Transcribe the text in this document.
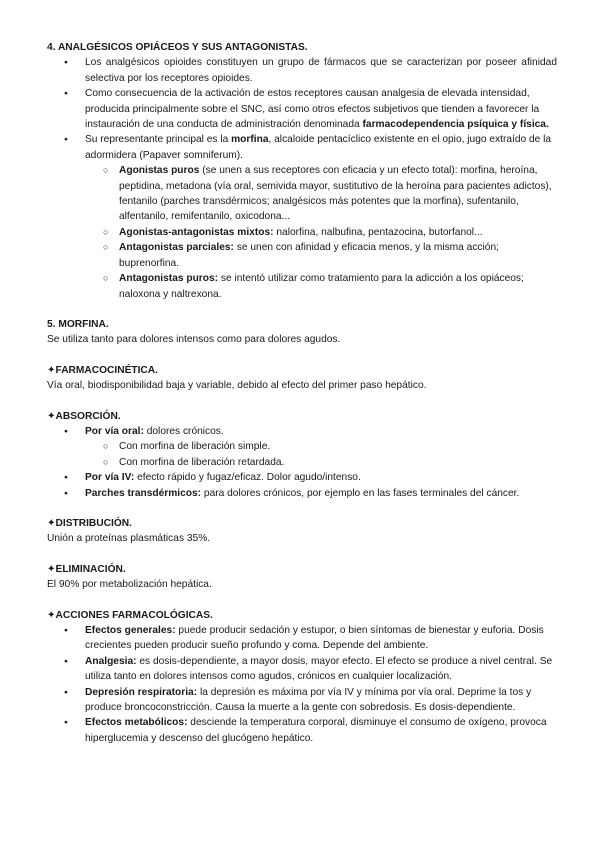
4. ANALGÉSICOS OPIÁCEOS Y SUS ANTAGONISTAS.

● Los analgésicos opioides constituyen un grupo de fármacos que se caracterizan por poseer afinidad selectiva por los receptores opioides.
● Como consecuencia de la activación de estos receptores causan analgesia de elevada intensidad, producida principalmente sobre el SNC, así como otros efectos subjetivos que tienden a favorecer la instauración de una conducta de administración denominada farmacodependencia psíquica y física.
● Su representante principal es la morfina, alcaloide pentacíclico existente en el opio, jugo extraído de la adormidera (Papaver somniferum).
○ Agonistas puros (se unen a sus receptores con eficacia y un efecto total): morfina, heroína, peptidina, metadona (vía oral, semivida mayor, sustitutivo de la heroína para pacientes adictos), fentanilo (parches transdérmicos; analgésicos más potentes que la morfina), sufentanilo, alfentanilo, remifentanilo, oxicodona...
○ Agonistas-antagonistas mixtos: nalorfina, nalbufina, pentazocina, butorfanol...
○ Antagonistas parciales: se unen con afinidad y eficacia menos, y la misma acción; buprenorfina.
○ Antagonistas puros: se intentó utilizar como tratamiento para la adicción a los opiáceos; naloxona y naltrexona.

5. MORFINA.

Se utiliza tanto para dolores intensos como para dolores agudos.

✦FARMACOCINÉTICA.

Vía oral, biodisponibilidad baja y variable, debido al efecto del primer paso hepático.

✦ABSORCIÓN.

● Por vía oral: dolores crónicos.
○ Con morfina de liberación simple.
○ Con morfina de liberación retardada.
● Por vía IV: efecto rápido y fugaz/eficaz. Dolor agudo/intenso.
● Parches transdérmicos: para dolores crónicos, por ejemplo en las fases terminales del cáncer.

✦DISTRIBUCIÓN.

Unión a proteínas plasmáticas 35%.

✦ELIMINACIÓN.

El 90% por metabolización hepática.

✦ACCIONES FARMACOLÓGICAS.

● Efectos generales: puede producir sedación y estupor, o bien síntomas de bienestar y euforia. Dosis crecientes pueden producir sueño profundo y coma. Depende del ambiente.
● Analgesia: es dosis-dependiente, a mayor dosis, mayor efecto. El efecto se produce a nivel central. Se utiliza tanto en dolores intensos como agudos, crónicos en cualquier localización.
● Depresión respiratoria: la depresión es máxima por vía IV y mínima por vía oral. Deprime la tos y produce broncoconstricción. Causa la muerte a la gente con sobredosis. Es dosis-dependiente.
● Efectos metabólicos: desciende la temperatura corporal, disminuye el consumo de oxígeno, provoca hiperglucemia y descenso del glucógeno hepático.
